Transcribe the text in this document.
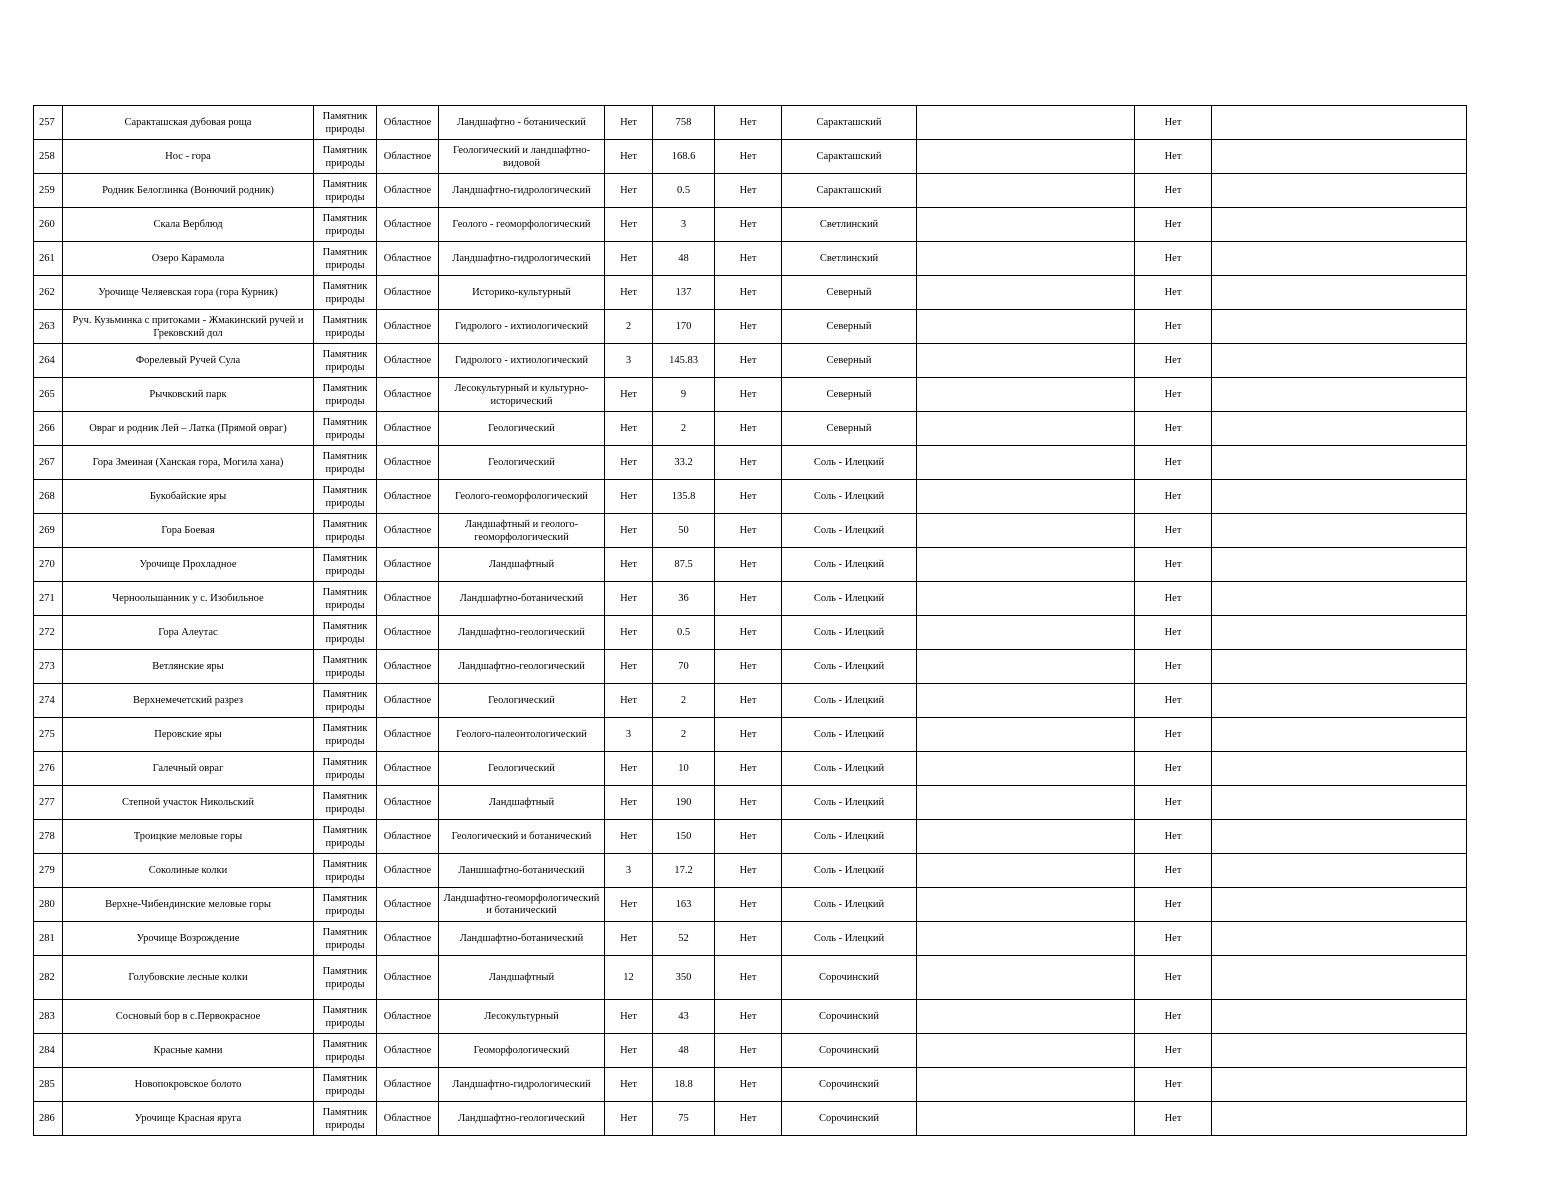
257	Саракташская дубовая роща	Памятник природы	Областное	Ландшафтно - ботанический	Нет	758	Нет	Саракташский		Нет	
258	Нос - гора	Памятник природы	Областное	Геологический и ландшафтно-видовой	Нет	168.6	Нет	Саракташский		Нет	
259	Родник Белоглинка (Вонючий родник)	Памятник природы	Областное	Ландшафтно-гидрологический	Нет	0.5	Нет	Саракташский		Нет	
260	Скала Верблюд	Памятник природы	Областное	Геолого - геоморфологический	Нет	3	Нет	Светлинский		Нет	
261	Озеро Карамола	Памятник природы	Областное	Ландшафтно-гидрологический	Нет	48	Нет	Светлинский		Нет	
262	Урочище Челяевская гора (гора Курник)	Памятник природы	Областное	Историко-культурный	Нет	137	Нет	Северный		Нет	
263	Руч. Кузьминка с притоками - Жмакинский ручей и Грековский дол	Памятник природы	Областное	Гидролого - ихтиологический	2	170	Нет	Северный		Нет	
264	Форелевый Ручей Сула	Памятник природы	Областное	Гидролого - ихтиологический	3	145.83	Нет	Северный		Нет	
265	Рычковский парк	Памятник природы	Областное	Лесокультурный и культурно-исторический	Нет	9	Нет	Северный		Нет	
266	Овраг и родник Лей – Латка (Прямой овраг)	Памятник природы	Областное	Геологический	Нет	2	Нет	Северный		Нет	
267	Гора Змеиная (Ханская гора, Могила хана)	Памятник природы	Областное	Геологический	Нет	33.2	Нет	Соль - Илецкий		Нет	
268	Букобайские яры	Памятник природы	Областное	Геолого-геоморфологический	Нет	135.8	Нет	Соль - Илецкий		Нет	
269	Гора Боевая	Памятник природы	Областное	Ландшафтный и геолого-геоморфологический	Нет	50	Нет	Соль - Илецкий		Нет	
270	Урочище Прохладное	Памятник природы	Областное	Ландшафтный	Нет	87.5	Нет	Соль - Илецкий		Нет	
271	Черноольшанник у с. Изобильное	Памятник природы	Областное	Ландшафтно-ботанический	Нет	36	Нет	Соль - Илецкий		Нет	
272	Гора Алеутас	Памятник природы	Областное	Ландшафтно-геологический	Нет	0.5	Нет	Соль - Илецкий		Нет	
273	Ветлянские яры	Памятник природы	Областное	Ландшафтно-геологический	Нет	70	Нет	Соль - Илецкий		Нет	
274	Верхнемечетский разрез	Памятник природы	Областное	Геологический	Нет	2	Нет	Соль - Илецкий		Нет	
275	Перовские яры	Памятник природы	Областное	Геолого-палеонтологический	3	2	Нет	Соль - Илецкий		Нет	
276	Галечный овраг	Памятник природы	Областное	Геологический	Нет	10	Нет	Соль - Илецкий		Нет	
277	Степной участок Никольский	Памятник природы	Областное	Ландшафтный	Нет	190	Нет	Соль - Илецкий		Нет	
278	Троицкие меловые горы	Памятник природы	Областное	Геологический и ботанический	Нет	150	Нет	Соль - Илецкий		Нет	
279	Соколиные колки	Памятник природы	Областное	Ланшшафтно-ботанический	3	17.2	Нет	Соль - Илецкий		Нет	
280	Верхне-Чибендинские меловые горы	Памятник природы	Областное	Ландшафтно-геоморфологический и ботанический	Нет	163	Нет	Соль - Илецкий		Нет	
281	Урочище Возрождение	Памятник природы	Областное	Ландшафтно-ботанический	Нет	52	Нет	Соль - Илецкий		Нет	
282	Голубовские лесные колки	Памятник природы	Областное	Ландшафтный	12	350	Нет	Сорочинский		Нет	
283	Сосновый бор в с.Первокрасное	Памятник природы	Областное	Лесокультурный	Нет	43	Нет	Сорочинский		Нет	
284	Красные камни	Памятник природы	Областное	Геоморфологический	Нет	48	Нет	Сорочинский		Нет	
285	Новопокровское болото	Памятник природы	Областное	Ландшафтно-гидрологический	Нет	18.8	Нет	Сорочинский		Нет	
286	Урочище Красная яруга	Памятник природы	Областное	Ландшафтно-геологический	Нет	75	Нет	Сорочинский		Нет	
